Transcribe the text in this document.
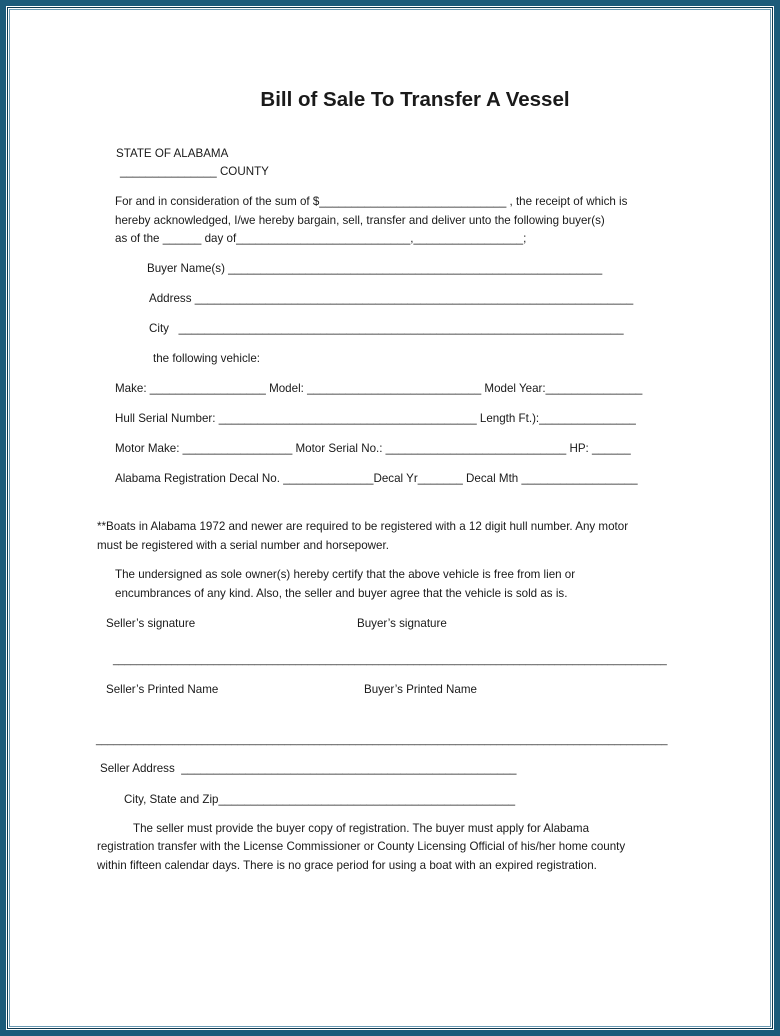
Bill of Sale To Transfer A Vessel
STATE OF ALABAMA
_______________ COUNTY
For and in consideration of the sum of $_____________________________ , the receipt of which is
hereby acknowledged, I/we hereby bargain, sell, transfer and deliver unto the following buyer(s)
as of the ______ day of___________________________,_________________;
Buyer Name(s) __________________________________________________________
Address ____________________________________________________________________
City   _____________________________________________________________________
the following vehicle:
Make: __________________ Model: ___________________________ Model Year:_______________
Hull Serial Number: ________________________________________ Length Ft.):_______________
Motor Make: _________________ Motor Serial No.: ____________________________ HP: ______
Alabama Registration Decal No. ______________Decal Yr_______ Decal Mth __________________
**Boats in Alabama 1972 and newer are required to be registered with a 12 digit hull number. Any motor
must be registered with a serial number and horsepower.
The undersigned as sole owner(s) hereby certify that the above vehicle is free from lien or
encumbrances of any kind. Also, the seller and buyer agree that the vehicle is sold as is.
Seller’s signature	Buyer’s signature
______________________________________________________________________________________________
Seller’s Printed Name	Buyer’s Printed Name
_________________________________________________________________________________________________
Seller Address  ____________________________________________________
City, State and Zip______________________________________________
The seller must provide the buyer copy of registration. The buyer must apply for Alabama
registration transfer with the License Commissioner or County Licensing Official of his/her home county
within fifteen calendar days. There is no grace period for using a boat with an expired registration.
